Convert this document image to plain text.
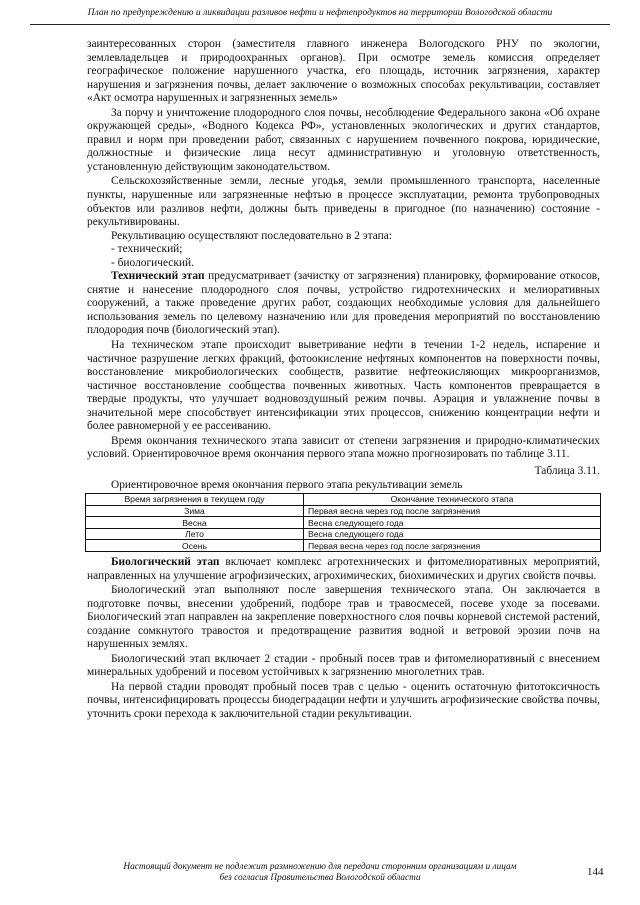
План по предупреждению и ликвидации разливов нефти и нефтепродуктов на территории Вологодской области

заинтересованных сторон (заместителя главного инженера Вологодского РНУ по экологии, землевладельцев и природоохранных органов). При осмотре земель комиссия определяет географическое положение нарушенного участка, его площадь, источник загрязнения, характер нарушения и загрязнения почвы, делает заключение о возможных способах рекультивации, составляет «Акт осмотра нарушенных и загрязненных земель»

За порчу и уничтожение плодородного слоя почвы, несоблюдение Федерального закона «Об охране окружающей среды», «Водного Кодекса РФ», установленных экологических и других стандартов, правил и норм при проведении работ, связанных с нарушением почвенного покрова, юридические, должностные и физические лица несут административную и уголовную ответственность, установленную действующим законодательством.

Сельскохозяйственные земли, лесные угодья, земли промышленного транспорта, населенные пункты, нарушенные или загрязненные нефтью в процессе эксплуатации, ремонта трубопроводных объектов или разливов нефти, должны быть приведены в пригодное (по назначению) состояние - рекультивированы.

Рекультивацию осуществляют последовательно в 2 этапа:

- технический;

- биологический.

Технический этап предусматривает (зачистку от загрязнения) планировку, формирование откосов, снятие и нанесение плодородного слоя почвы, устройство гидротехнических и мелиоративных сооружений, а также проведение других работ, создающих необходимые условия для дальнейшего использования земель по целевому назначению или для проведения мероприятий по восстановлению плодородия почв (биологический этап).

На техническом этапе происходит выветривание нефти в течении 1-2 недель, испарение и частичное разрушение легких фракций, фотоокисление нефтяных компонентов на поверхности почвы, восстановление микробиологических сообществ, развитие нефтеокисляющих микроорганизмов, частичное восстановление сообщества почвенных животных. Часть компонентов превращается в твердые продукты, что улучшает водновоздушный режим почвы. Аэрация и увлажнение почвы в значительной мере способствует интенсификации этих процессов, снижению концентрации нефти и более равномерной у ее рассеиванию.

Время окончания технического этапа зависит от степени загрязнения и природно-климатических условий. Ориентировочное время окончания первого этапа можно прогнозировать по таблице 3.11.

Таблица 3.11.

Ориентировочное время окончания первого этапа рекультивации земель

Время загрязнения в текущем году	Окончание технического этапа
Зима	Первая весна через год после загрязнения
Весна	Весна следующего года
Лето	Весна следующего года
Осень	Первая весна через год после загрязнения

Биологический этап включает комплекс агротехнических и фитомелиоративных мероприятий, направленных на улучшение агрофизических, агрохимических, биохимических и других свойств почвы.

Биологический этап выполняют после завершения технического этапа. Он заключается в подготовке почвы, внесении удобрений, подборе трав и травосмесей, посеве уходе за посевами. Биологический этап направлен на закрепление поверхностного слоя почвы корневой системой растений, создание сомкнутого травостоя и предотвращение развития водной и ветровой эрозии почв на нарушенных землях.

Биологический этап включает 2 стадии - пробный посев трав и фитомелиоративный с внесением минеральных удобрений и посевом устойчивых к загрязнению многолетних трав.

На первой стадии проводят пробный посев трав с целью - оценить остаточную фитотоксичность почвы, интенсифицировать процессы биодеградации нефти и улучшить агрофизические свойства почвы, уточнить сроки перехода к заключительной стадии рекультивации.

Настоящий документ не подлежит размножению для передачи сторонним организациям и лицам
без согласия Правительства Вологодской области	144
